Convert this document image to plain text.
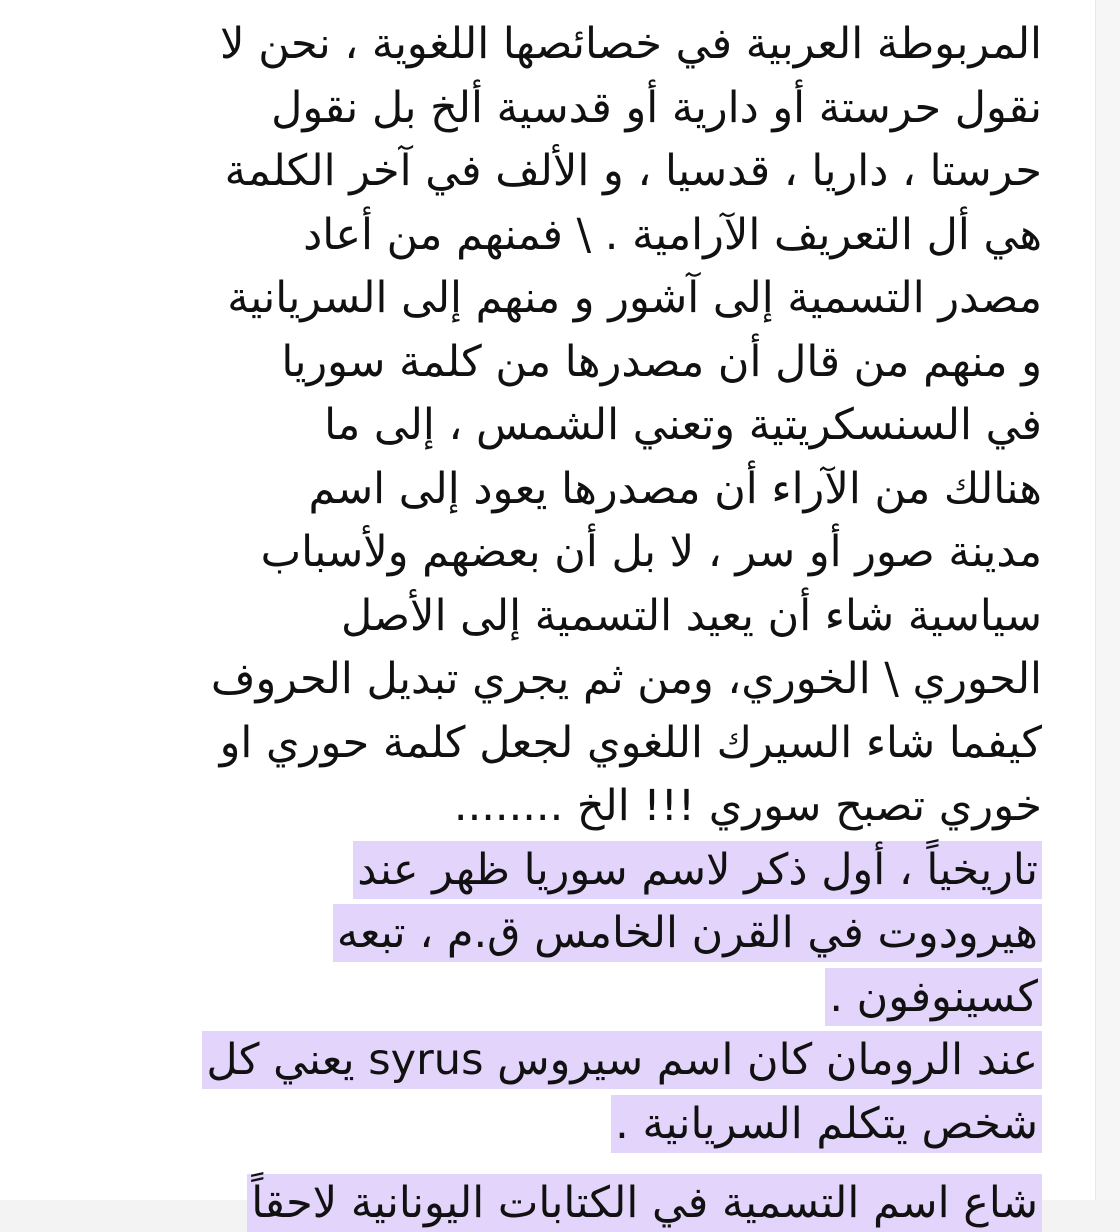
المربوطة العربية في خصائصها اللغوية ، نحن لا
نقول حرستة أو دارية أو قدسية ألخ بل نقول
حرستا ، داريا ، قدسيا ، و الألف في آخر الكلمة
هي أل التعريف الآرامية . \ فمنهم من أعاد
مصدر التسمية إلى آشور و منهم إلى السريانية
و منهم من قال أن مصدرها من كلمة سوريا
في السنسكريتية وتعني الشمس ، إلى ما
هنالك من الآراء أن مصدرها يعود إلى اسم
مدينة صور أو سر ، لا بل أن بعضهم ولأسباب
سياسية شاء أن يعيد التسمية إلى الأصل
الحوري \ الخوري، ومن ثم يجري تبديل الحروف
كيفما شاء السيرك اللغوي لجعل كلمة حوري او
خوري تصبح سوري !!! الخ ........
تاريخياً ، أول ذكر لاسم سوريا ظهر عند
هيرودوت في القرن الخامس ق.م ، تبعه
كسينوفون .
عند الرومان كان اسم سيروس syrus يعني كل
شخص يتكلم السريانية .
شاع اسم التسمية في الكتابات اليونانية لاحقاً
